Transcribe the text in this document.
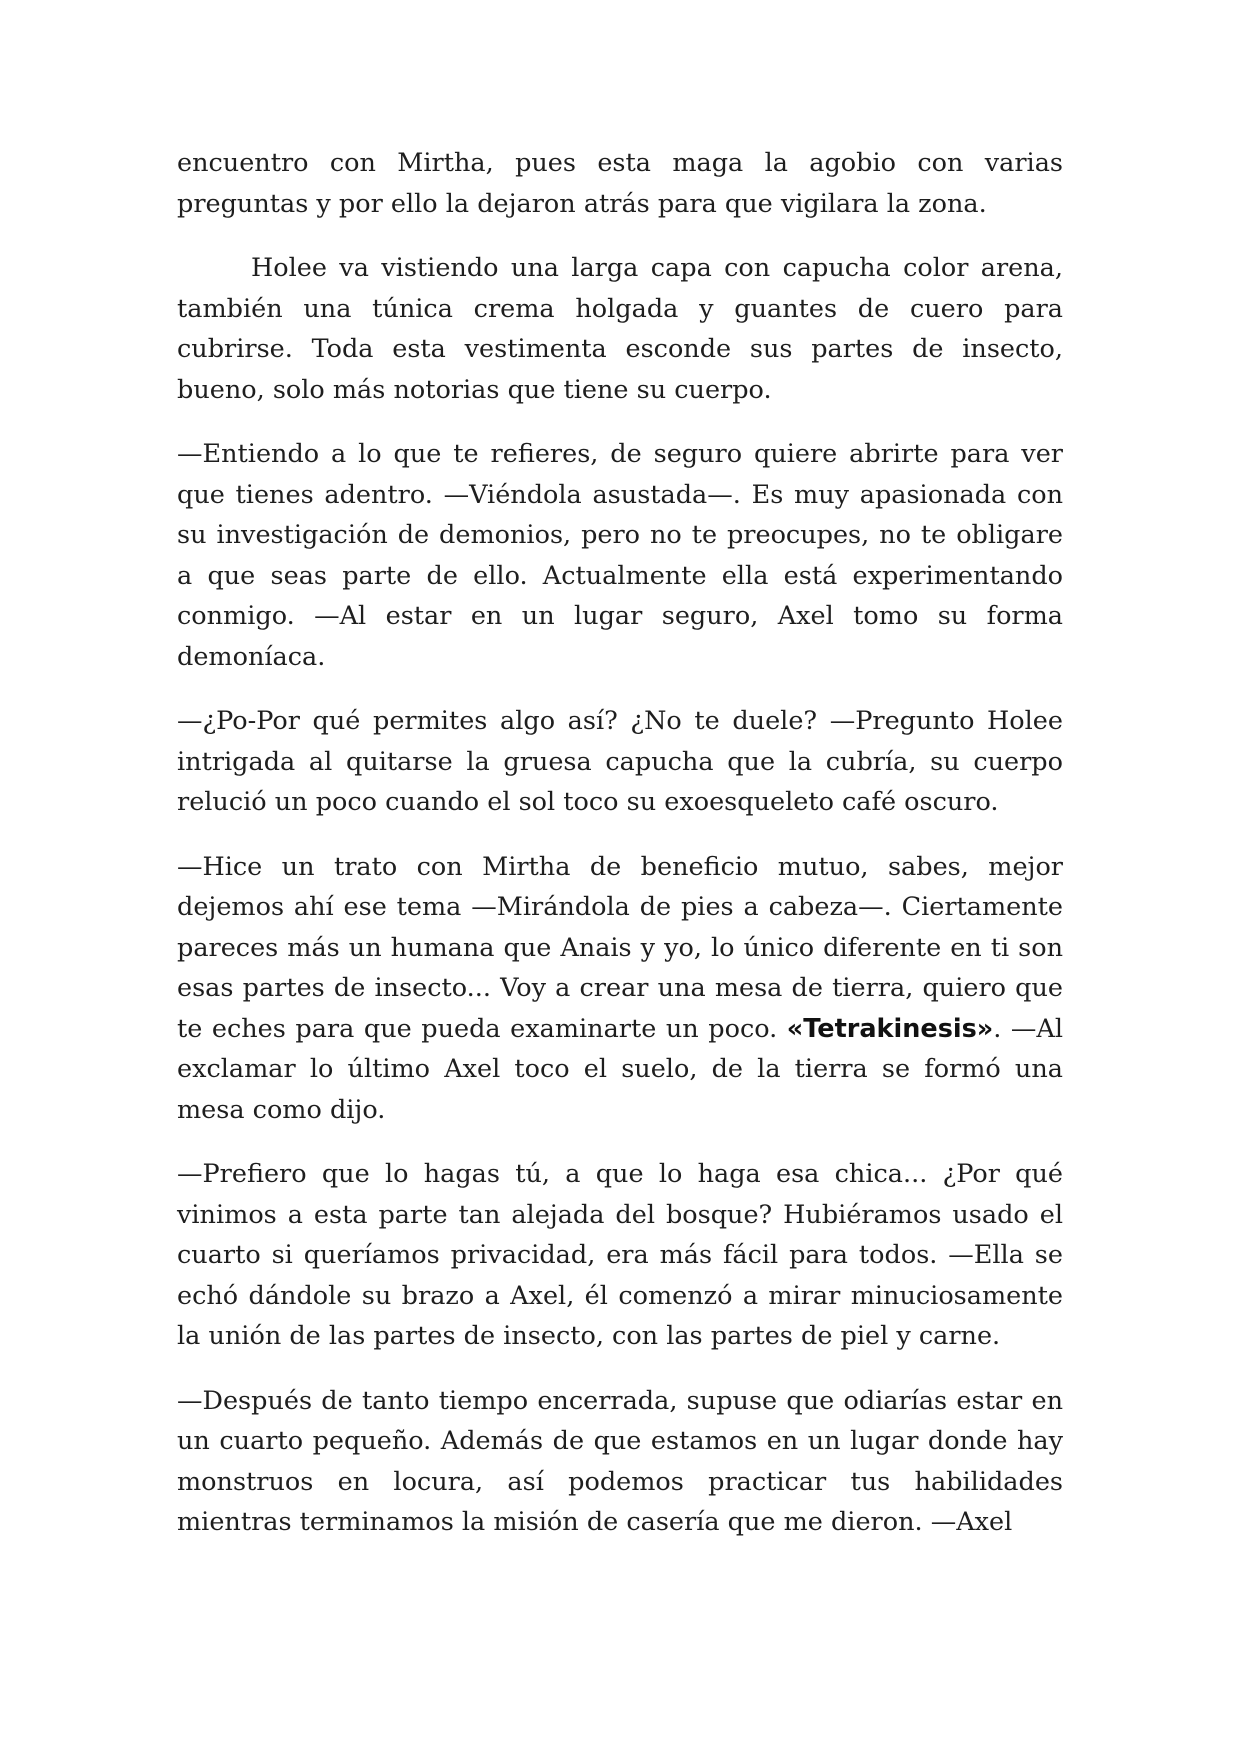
encuentro con Mirtha, pues esta maga la agobio con varias preguntas y por ello la dejaron atrás para que vigilara la zona.

Holee va vistiendo una larga capa con capucha color arena, también una túnica crema holgada y guantes de cuero para cubrirse. Toda esta vestimenta esconde sus partes de insecto, bueno, solo más notorias que tiene su cuerpo.

—Entiendo a lo que te refieres, de seguro quiere abrirte para ver que tienes adentro. —Viéndola asustada—. Es muy apasionada con su investigación de demonios, pero no te preocupes, no te obligare a que seas parte de ello. Actualmente ella está experimentando conmigo. —Al estar en un lugar seguro, Axel tomo su forma demoníaca.

—¿Po-Por qué permites algo así? ¿No te duele? —Pregunto Holee intrigada al quitarse la gruesa capucha que la cubría, su cuerpo relució un poco cuando el sol toco su exoesqueleto café oscuro.

—Hice un trato con Mirtha de beneficio mutuo, sabes, mejor dejemos ahí ese tema —Mirándola de pies a cabeza—. Ciertamente pareces más un humana que Anais y yo, lo único diferente en ti son esas partes de insecto... Voy a crear una mesa de tierra, quiero que te eches para que pueda examinarte un poco. «Tetrakinesis». —Al exclamar lo último Axel toco el suelo, de la tierra se formó una mesa como dijo.

—Prefiero que lo hagas tú, a que lo haga esa chica... ¿Por qué vinimos a esta parte tan alejada del bosque? Hubiéramos usado el cuarto si queríamos privacidad, era más fácil para todos. —Ella se echó dándole su brazo a Axel, él comenzó a mirar minuciosamente la unión de las partes de insecto, con las partes de piel y carne.

—Después de tanto tiempo encerrada, supuse que odiarías estar en un cuarto pequeño. Además de que estamos en un lugar donde hay monstruos en locura, así podemos practicar tus habilidades mientras terminamos la misión de casería que me dieron. —Axel
